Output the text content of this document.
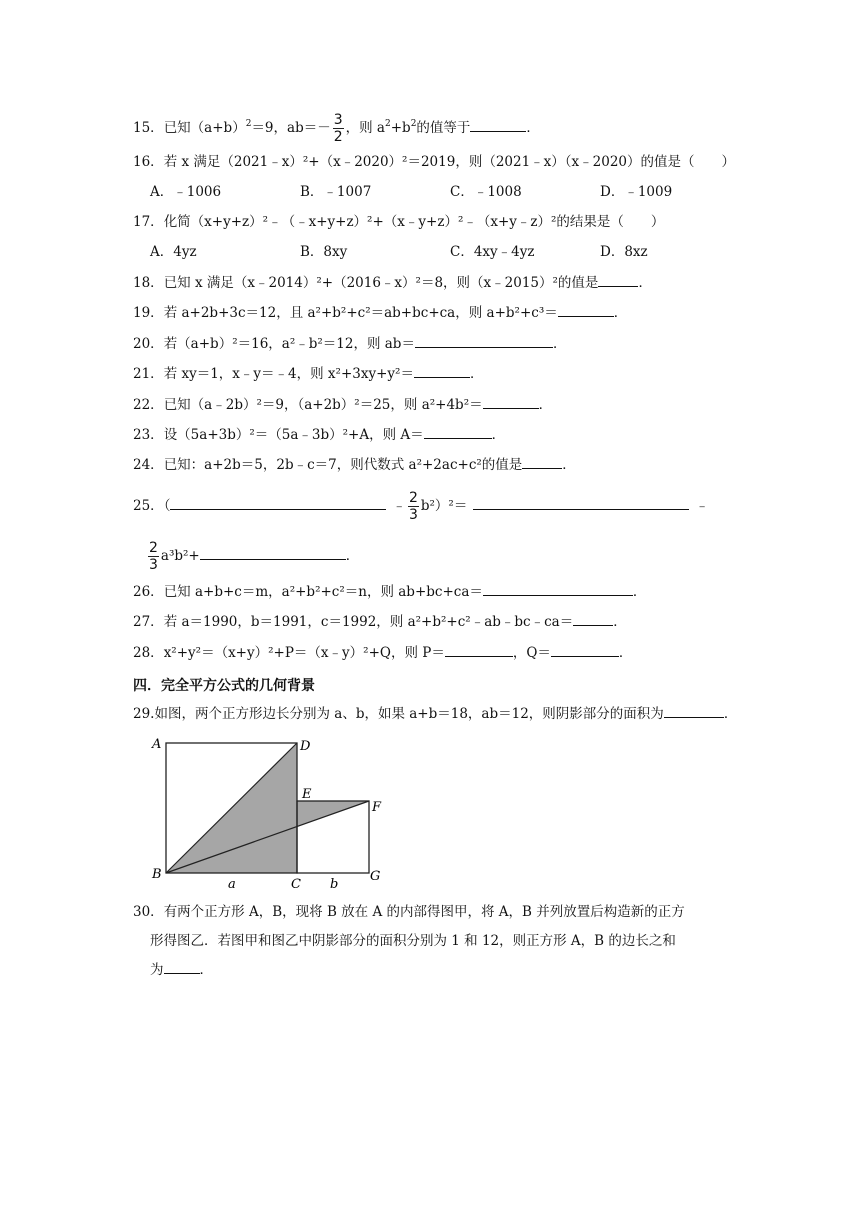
15．已知$(a+b)^2=9$，$ab=- \frac{3}{2}$ ，则 $a^2+b^2$的值等于	．
16．若 x 满足（2021﹣x）²+（x﹣2020）²＝2019，则（2021﹣x）（x﹣2020）的值是（　　）
A．﹣1006	B．﹣1007	C．﹣1008	D．﹣1009
17．化简（x+y+z）²﹣（﹣x+y+z）²+（x﹣y+z）²﹣（x+y﹣z）²的结果是（　　）
A．4yz	B．8xy	C．4xy﹣4yz	D．8xz
18．已知 x 满足（x﹣2014）²+（2016﹣x）²＝8，则（x﹣2015）²的值是	．
19．若 a+2b+3c＝12，且 a²+b²+c²＝ab+bc+ca，则 a+b²+c³＝	．
20．若（a+b）²＝16，a²﹣b²＝12，则 ab＝	．
21．若 xy＝1，x﹣y＝﹣4，则 x²+3xy+y²＝	．
22．已知（a﹣2b）²＝9，（a+2b）²＝25，则 a²+4b²＝	．
23．设（5a+3b）²＝（5a﹣3b）²+A，则 A＝	．
24．已知：a+2b＝5，2b﹣c＝7，则代数式 a²+2ac+c²的值是	．
25．（	﹣ $\frac{2}{3} b^2)^2=$	﹣
$\frac{2}{3} a^3b^2+$	．
26．已知 a+b+c＝m，a²+b²+c²＝n，则 ab+bc+ca＝	．
27．若 a＝1990，b＝1991，c＝1992，则 a²+b²+c²﹣ab﹣bc﹣ca＝	．
28．x²+y²＝（x+y）²+P＝（x﹣y）²+Q，则 P＝	，Q＝	．
四．完全平方公式的几何背景
29.如图，两个正方形边长分别为 a、b，如果 a+b＝18，ab＝12，则阴影部分的面积为	．
A	D
E
F
B
C
G
a	b
30．有两个正方形 A，B，现将 B 放在 A 的内部得图甲，将 A，B 并列放置后构造新的正方
形得图乙．若图甲和图乙中阴影部分的面积分别为 1 和 12，则正方形 A，B 的边长之和
为	．
